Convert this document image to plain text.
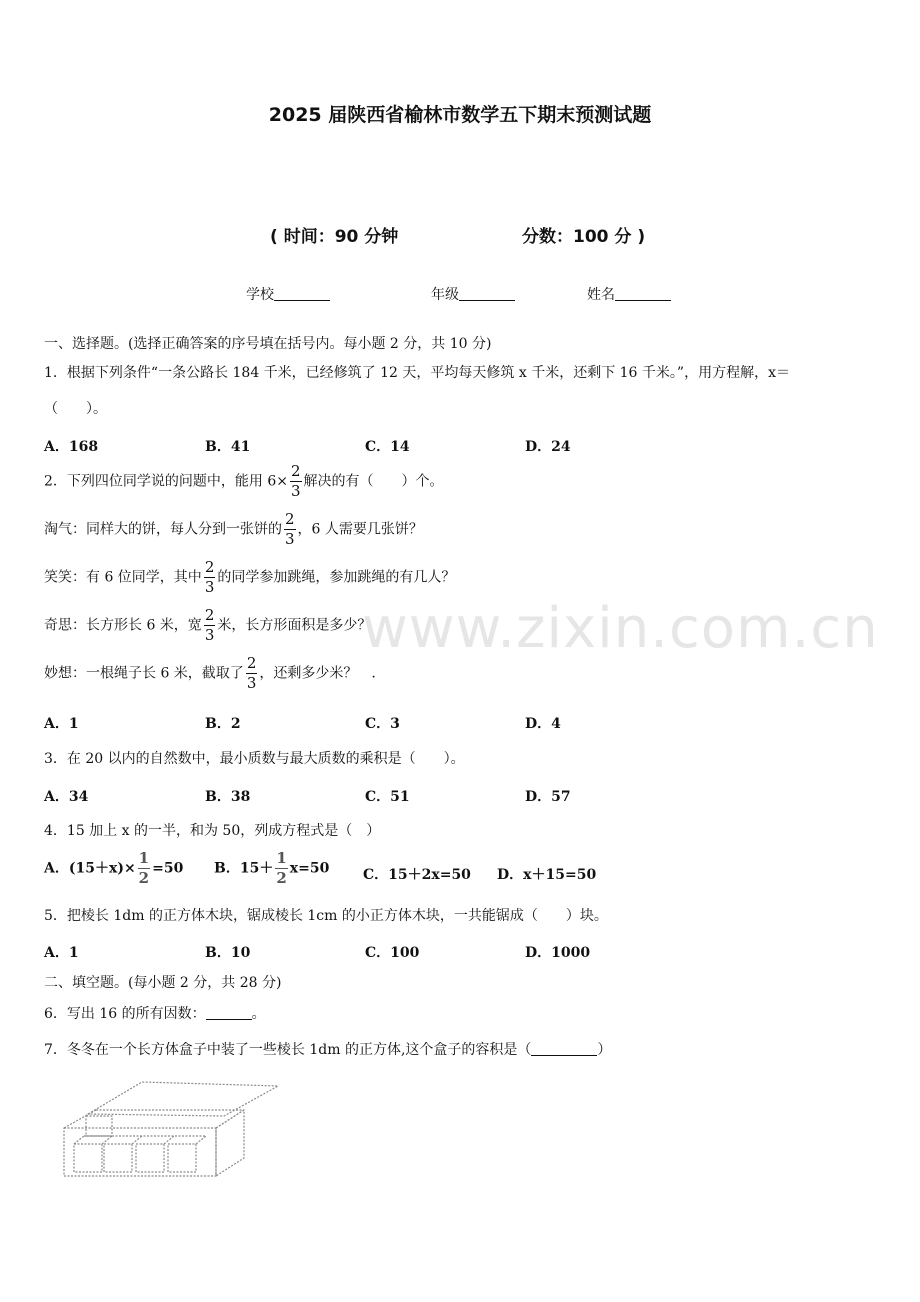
2025 届陕西省榆林市数学五下期末预测试题
( 时间：90 分钟	分数：100 分 )
学校	年级	姓名
一、选择题。(选择正确答案的序号填在括号内。每小题 2 分，共 10 分)
1．根据下列条件“一条公路长 184 千米，已经修筑了 12 天，平均每天修筑 x 千米，还剩下 16 千米。”，用方程解，x＝
（　　）。
A．168	B．41	C．14	D．24
2．下列四位同学说的问题中，能用 $6\times \frac{2}{3}$ 解决的有（　　）个。
淘气：同样大的饼，每人分到一张饼的 $\frac{2}{3}$ ，6 人需要几张饼？
笑笑：有 6 位同学，其中 $\frac{2}{3}$ 的同学参加跳绳，参加跳绳的有几人？
奇思：长方形长 6 米，宽 $\frac{2}{3}$ 米，长方形面积是多少？
妙想：一根绳子长 6 米，截取了 $\frac{2}{3}$ ，还剩多少米？　.
A．1	B．2	C．3	D．4
3．在 20 以内的自然数中，最小质数与最大质数的乘积是（　　）。
A．34	B．38	C．51	D．57
4．15 加上 x 的一半，和为 50，列成方程式是（　）
A．$(15+x)\times \frac{1}{2} =50$ B．$15+ \frac{1}{2} x=50$ C．15＋2x=50 D．x＋15=50
5．把棱长 1dm 的正方体木块，锯成棱长 1cm 的小正方体木块，一共能锯成（　　）块。
A．1	B．10	C．100	D．1000
二、填空题。(每小题 2 分，共 28 分)
6．写出 16 的所有因数：	。
7．冬冬在一个长方体盒子中装了一些棱长 1dm 的正方体,这个盒子的容积是（	）
www.zixin.com.cn
